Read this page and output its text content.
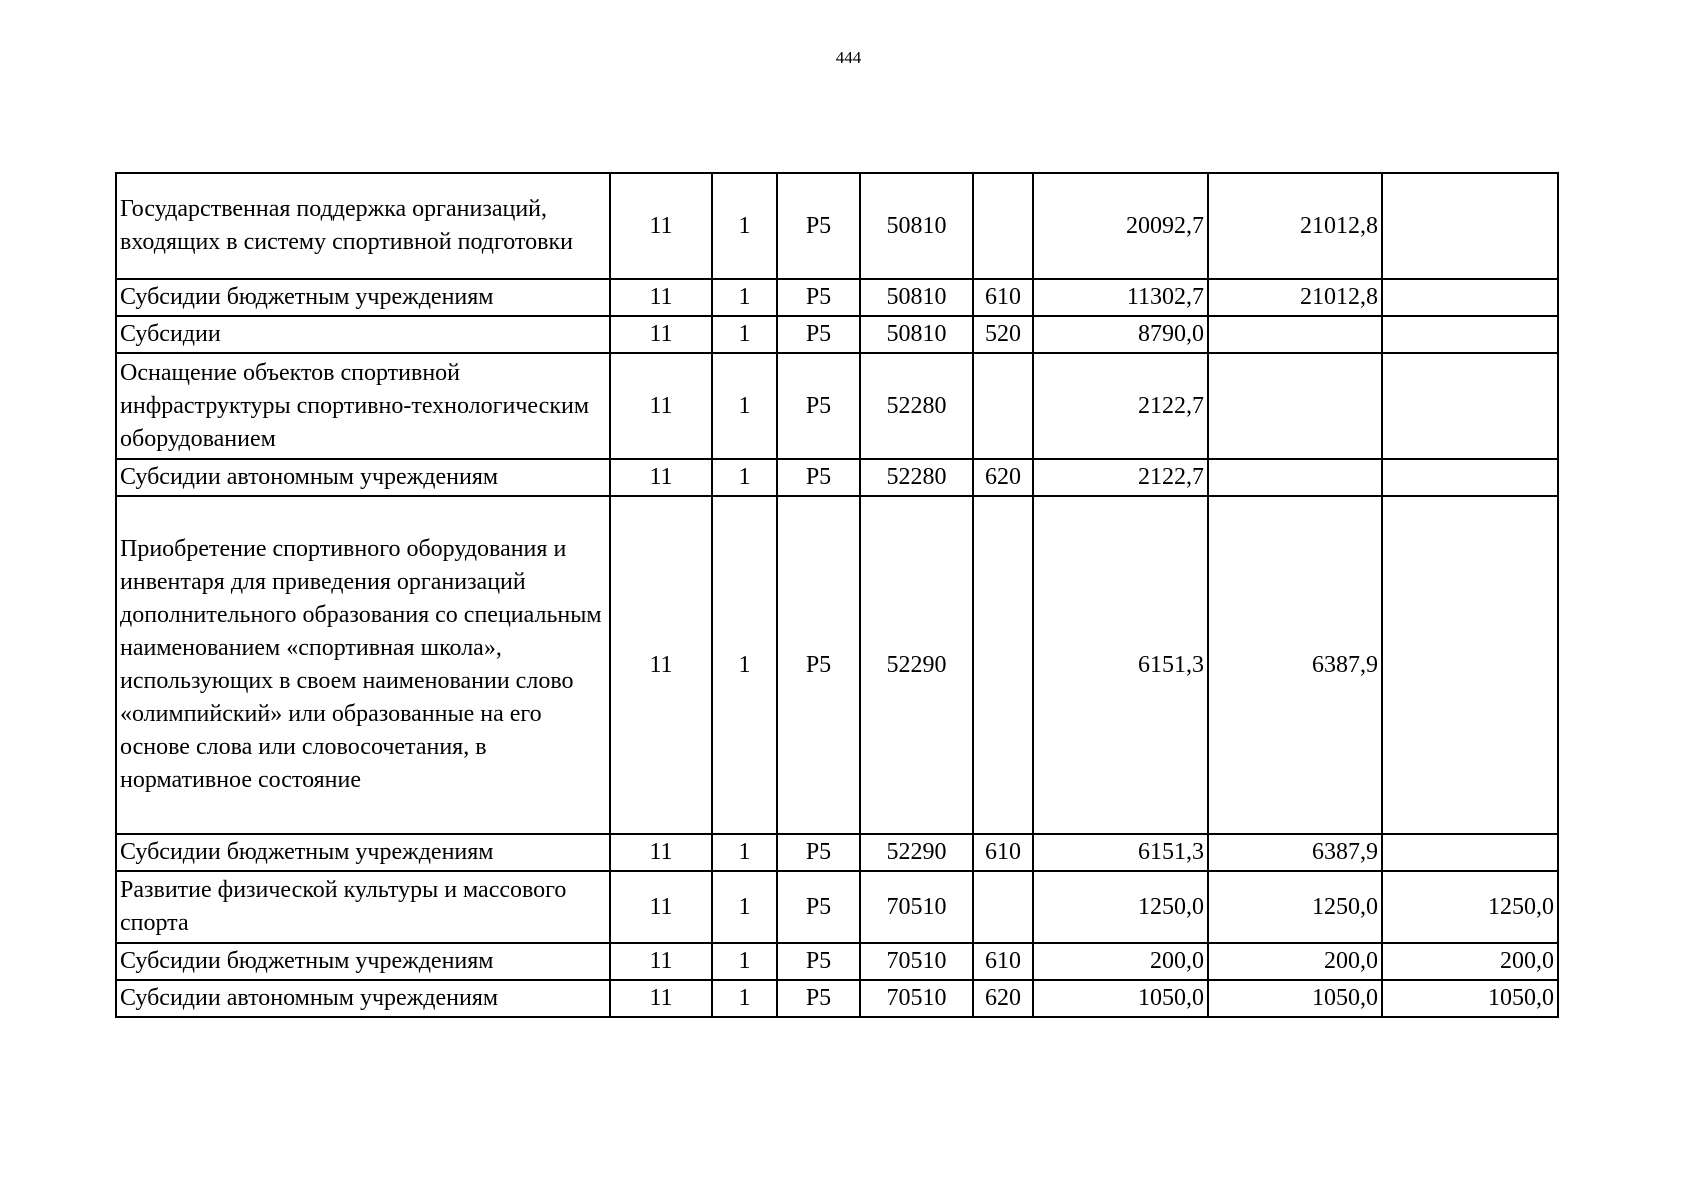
444
Государственная поддержка организаций, входящих в систему спортивной подготовки	11	1	Р5	50810		20092,7	21012,8	
Субсидии бюджетным учреждениям	11	1	Р5	50810	610	11302,7	21012,8	
Субсидии	11	1	Р5	50810	520	8790,0		
Оснащение объектов спортивной инфраструктуры спортивно-технологическим оборудованием	11	1	Р5	52280		2122,7		
Субсидии автономным учреждениям	11	1	Р5	52280	620	2122,7		
Приобретение спортивного оборудования и инвентаря для приведения организаций дополнительного образования со специальным наименованием «спортивная школа», использующих в своем наименовании слово «олимпийский» или образованные на его основе слова или словосочетания, в нормативное состояние	11	1	Р5	52290		6151,3	6387,9	
Субсидии бюджетным учреждениям	11	1	Р5	52290	610	6151,3	6387,9	
Развитие физической культуры и массового спорта	11	1	Р5	70510		1250,0	1250,0	1250,0
Субсидии бюджетным учреждениям	11	1	Р5	70510	610	200,0	200,0	200,0
Субсидии автономным учреждениям	11	1	Р5	70510	620	1050,0	1050,0	1050,0
